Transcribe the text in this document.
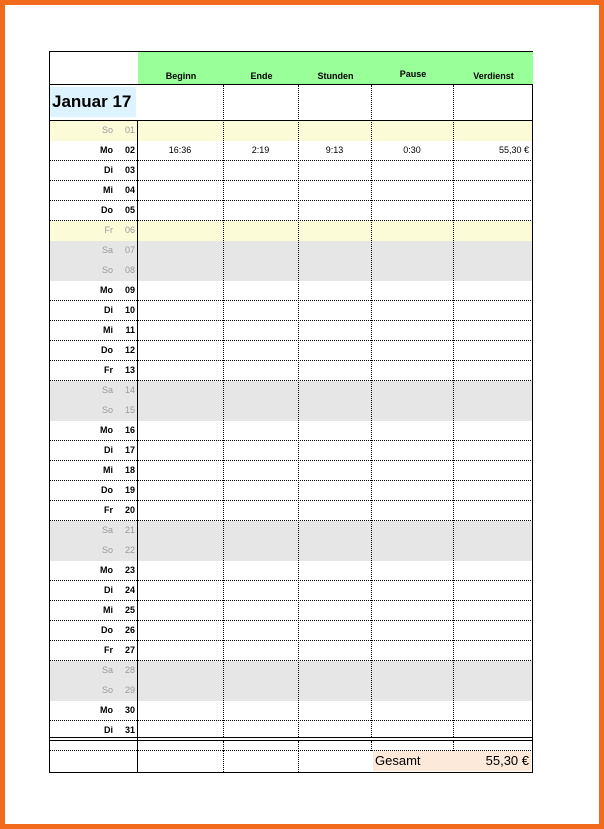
Beginn	Ende	Stunden	Pause	Verdienst
Januar 17
So	01
Mo	02	16:36	2:19	9:13	0:30	55,30 €
Di	03
Mi	04
Do	05
Fr	06
Sa	07
So	08
Mo	09
Di	10
Mi	11
Do	12
Fr	13
Sa	14
So	15
Mo	16
Di	17
Mi	18
Do	19
Fr	20
Sa	21
So	22
Mo	23
Di	24
Mi	25
Do	26
Fr	27
Sa	28
So	29
Mo	30
Di	31
Gesamt	55,30 €
